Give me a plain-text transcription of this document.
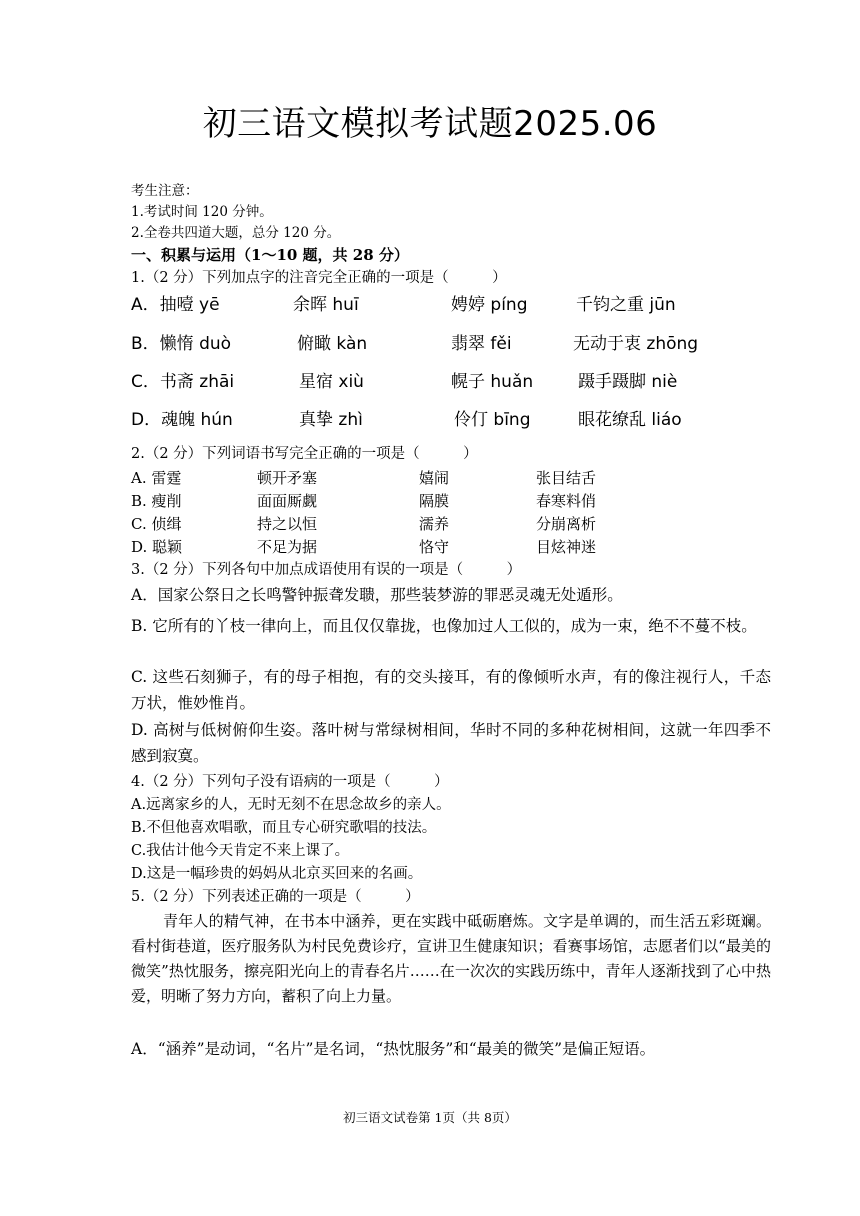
初三语文模拟考试题2025.06
考生注意：
1.考试时间 120 分钟。
2.全卷共四道大题，总分 120 分。
一、积累与运用（1～10 题，共 28 分）
1.（2 分）下列加点字的注音完全正确的一项是（　　　）
A．抽噎 yē	余晖 huī	娉婷 píng	千钧之重 jūn
B．懒惰 duò	俯瞰 kàn	翡翠 fěi	无动于衷 zhōng
C．书斋 zhāi	星宿 xiù	幌子 huǎn	蹑手蹑脚 niè
D．魂魄 hún	真挚 zhì	伶仃 bīng	眼花缭乱 liáo
2.（2 分）下列词语书写完全正确的一项是（　　　）
A. 雷霆	顿开矛塞	嬉闹	张目结舌
B. 瘦削	面面厮觑	隔膜	春寒料俏
C. 侦缉	持之以恒	濡养	分崩离析
D. 聪颖	不足为据	恪守	目炫神迷
3.（2 分）下列各句中加点成语使用有误的一项是（　　　）
A．国家公祭日之长鸣警钟振聋发聩，那些装梦游的罪恶灵魂无处遁形。
B. 它所有的丫枝一律向上，而且仅仅靠拢，也像加过人工似的，成为一束，绝不不蔓不枝。
C. 这些石刻狮子，有的母子相抱，有的交头接耳，有的像倾听水声，有的像注视行人，千态万状，惟妙惟肖。
D. 高树与低树俯仰生姿。落叶树与常绿树相间，华时不同的多种花树相间，这就一年四季不感到寂寞。
4.（2 分）下列句子没有语病的一项是（　　　）
A.远离家乡的人，无时无刻不在思念故乡的亲人。
B.不但他喜欢唱歌，而且专心研究歌唱的技法。
C.我估计他今天肯定不来上课了。
D.这是一幅珍贵的妈妈从北京买回来的名画。
5.（2 分）下列表述正确的一项是（　　　）
青年人的精气神，在书本中涵养，更在实践中砥砺磨炼。文字是单调的，而生活五彩斑斓。看村街巷道，医疗服务队为村民免费诊疗，宣讲卫生健康知识；看赛事场馆，志愿者们以“最美的微笑”热忱服务，擦亮阳光向上的青春名片……在一次次的实践历练中，青年人逐渐找到了心中热爱，明晰了努力方向，蓄积了向上力量。
A．“涵养”是动词，“名片”是名词，“热忱服务”和“最美的微笑”是偏正短语。
初三语文试卷第 1页（共 8页）
